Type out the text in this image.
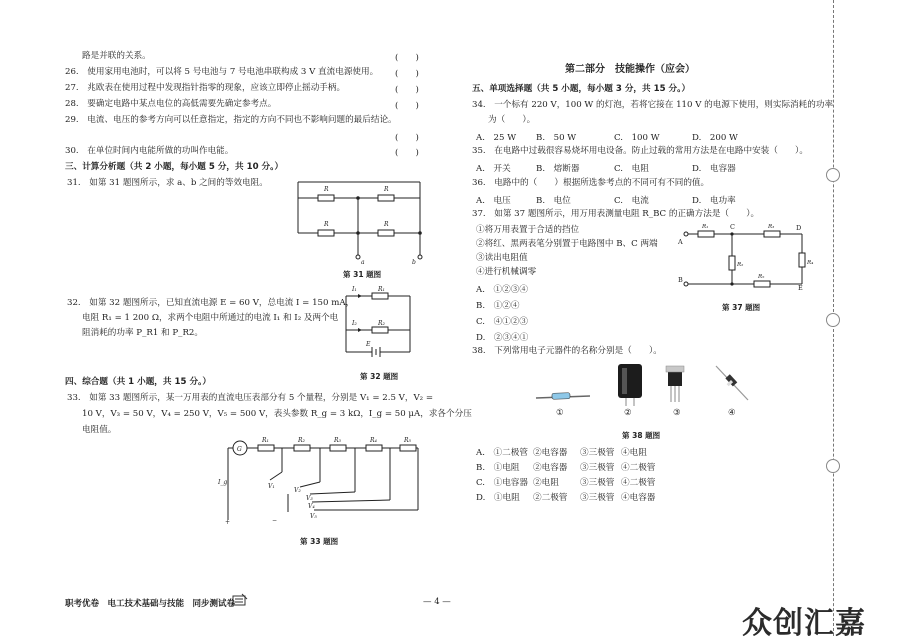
路是并联的关系。
26.　使用家用电池时，可以将 5 号电池与 7 号电池串联构成 3 V 直流电源使用。
27.　兆欧表在使用过程中发现指针指零的现象，应该立即停止摇动手柄。
28.　要确定电路中某点电位的高低需要先确定参考点。
29.　电流、电压的参考方向可以任意指定，指定的方向不同也不影响问题的最后结论。
30.　在单位时间内电能所做的功叫作电能。
(　　)
(　　)
(　　)
(　　)
(　　)
(　　)
三、计算分析题（共 2 小题，每小题 5 分，共 10 分。）
31.　如第 31 题图所示，求 a、b 之间的等效电阻。
R	R
R	R
a	b
第 31 题图
32.　如第 32 题图所示，已知直流电源 E = 60 V，总电流 I = 150 mA，
电阻 R₁ = 1 200 Ω，求两个电阻中所通过的电流 I₁ 和 I₂ 及两个电
阻消耗的功率 P_R1 和 P_R2。
I₁	R₁
I₂	R₂
E
第 32 题图
四、综合题（共 1 小题，共 15 分。）
33.　如第 33 题图所示，某一万用表的直流电压表部分有 5 个量程，分别是 V₁ = 2.5 V，V₂ =
10 V，V₃ = 50 V，V₄ = 250 V，V₅ = 500 V，表头参数 R_g = 3 kΩ，I_g = 50 μA，求各个分压
电阻值。
G
R₁	R₂	R₃	R₄	R₅
I_g
V₁
V₂
V₃
V₄
V₅
+	−
第 33 题图
第二部分　技能操作（应会）
五、单项选择题（共 5 小题，每小题 3 分，共 15 分。）
34.　一个标有 220 V，100 W 的灯泡，若将它接在 110 V 的电源下使用，则实际消耗的功率
为（　　）。
A.　25 W B.　50 W	C.　100 W	D.　200 W
35.　在电路中过载很容易烧坏用电设备。防止过载的常用方法是在电路中安装（　　）。
A.　开关	B.　熔断器	C.　电阻	D.　电容器
36.　电路中的（　　）根据所选参考点的不同可有不同的值。
A.　电压	B.　电位	C.　电流	D.　电功率
37.　如第 37 题图所示，用万用表测量电阻 R_BC 的正确方法是（　　）。
①将万用表置于合适的挡位
②将红、黑两表笔分别置于电路图中 B、C 两端
③读出电阻值
④进行机械调零
A.　①②③④
B.　①②④
C.　④①②③
D.　②③④①
A
C	D
B
E
R₁	R₃
R₂	R₄
R₅
第 37 题图
38.　下列常用电子元器件的名称分别是（　　）。
①	②	③	④
第 38 题图
A.　①二极管 ②电容器 ③三极管 ④电阻
B.　①电阻 ②电容器 ③三极管 ④二极管
C.　①电容器 ②电阻 ③三极管 ④二极管
D.　①电阻 ②二极管 ③三极管 ④电容器
职考优卷　电工技术基础与技能　同步测试卷	— 4 —
众创汇嘉
